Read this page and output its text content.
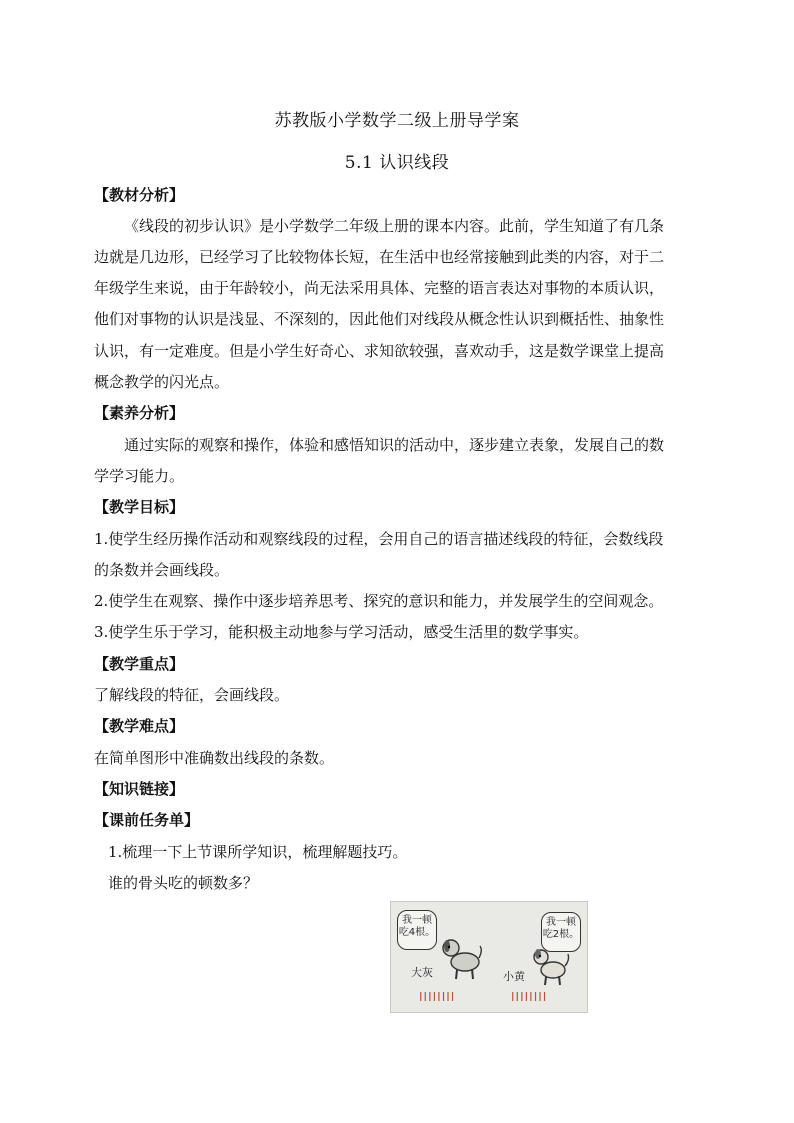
苏教版小学数学二级上册导学案
5.1 认识线段
【教材分析】
《线段的初步认识》是小学数学二年级上册的课本内容。此前，学生知道了有几条
边就是几边形，已经学习了比较物体长短，在生活中也经常接触到此类的内容，对于二
年级学生来说，由于年龄较小，尚无法采用具体、完整的语言表达对事物的本质认识，
他们对事物的认识是浅显、不深刻的，因此他们对线段从概念性认识到概括性、抽象性
认识，有一定难度。但是小学生好奇心、求知欲较强，喜欢动手，这是数学课堂上提高
概念教学的闪光点。
【素养分析】
通过实际的观察和操作，体验和感悟知识的活动中，逐步建立表象，发展自己的数
学学习能力。
【教学目标】
1.使学生经历操作活动和观察线段的过程，会用自己的语言描述线段的特征，会数线段
的条数并会画线段。
2.使学生在观察、操作中逐步培养思考、探究的意识和能力，并发展学生的空间观念。
3.使学生乐于学习，能积极主动地参与学习活动，感受生活里的数学事实。
【教学重点】
了解线段的特征，会画线段。
【教学难点】
在简单图形中准确数出线段的条数。
【知识链接】
【课前任务单】
1.梳理一下上节课所学知识，梳理解题技巧。
谁的骨头吃的顿数多？
我一顿吃4根。
我一顿吃2根。
大灰	小黄
IIIIIIII	IIIIIIII
